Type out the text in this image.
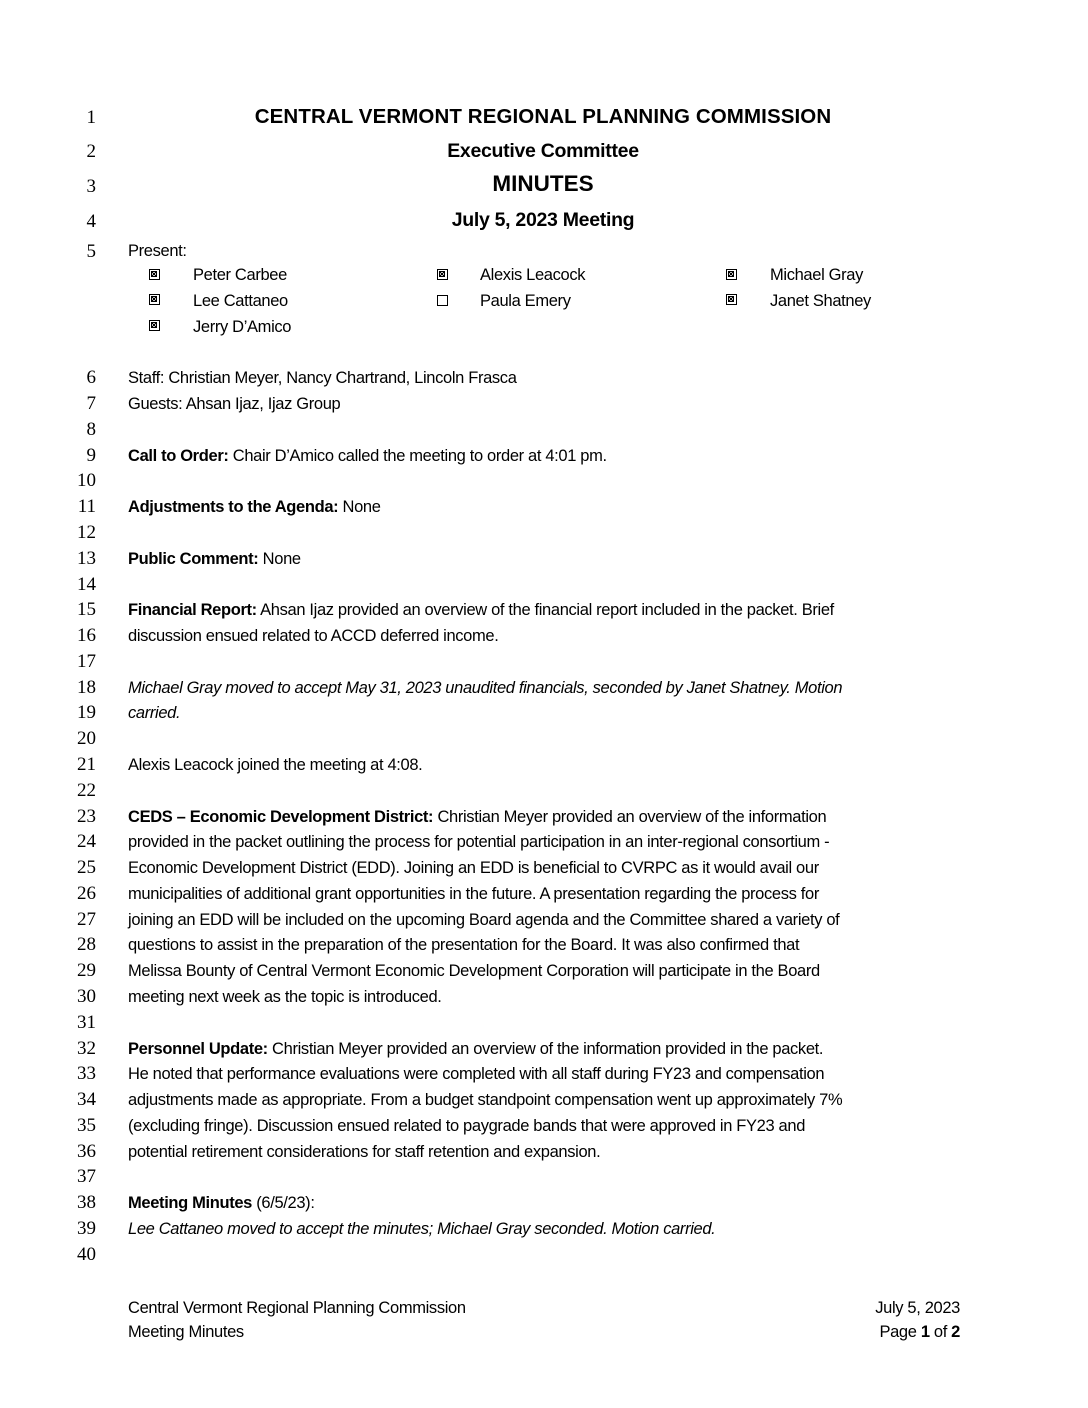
1
2
3
4
5
6
7
8
9
10
11
12
13
14
15
16
17
18
19
20
21
22
23
24
25
26
27
28
29
30
31
32
33
34
35
36
37
38
39
40
CENTRAL VERMONT REGIONAL PLANNING COMMISSION
Executive Committee
MINUTES
July 5, 2023 Meeting
Present:
Peter Carbee	Alexis Leacock	Michael Gray
Lee Cattaneo	Paula Emery	Janet Shatney
Jerry D’Amico
Staff: Christian Meyer, Nancy Chartrand, Lincoln Frasca
Guests: Ahsan Ijaz, Ijaz Group
Call to Order: Chair D’Amico called the meeting to order at 4:01 pm.
Adjustments to the Agenda: None
Public Comment: None
Financial Report: Ahsan Ijaz provided an overview of the financial report included in the packet. Brief
discussion ensued related to ACCD deferred income.
Michael Gray moved to accept May 31, 2023 unaudited financials, seconded by Janet Shatney. Motion
carried.
Alexis Leacock joined the meeting at 4:08.
CEDS – Economic Development District: Christian Meyer provided an overview of the information
provided in the packet outlining the process for potential participation in an inter-regional consortium -
Economic Development District (EDD). Joining an EDD is beneficial to CVRPC as it would avail our
municipalities of additional grant opportunities in the future. A presentation regarding the process for
joining an EDD will be included on the upcoming Board agenda and the Committee shared a variety of
questions to assist in the preparation of the presentation for the Board. It was also confirmed that
Melissa Bounty of Central Vermont Economic Development Corporation will participate in the Board
meeting next week as the topic is introduced.
Personnel Update: Christian Meyer provided an overview of the information provided in the packet.
He noted that performance evaluations were completed with all staff during FY23 and compensation
adjustments made as appropriate. From a budget standpoint compensation went up approximately 7%
(excluding fringe). Discussion ensued related to paygrade bands that were approved in FY23 and
potential retirement considerations for staff retention and expansion.
Meeting Minutes (6/5/23):
Lee Cattaneo moved to accept the minutes; Michael Gray seconded. Motion carried.
Central Vermont Regional Planning Commission
Meeting Minutes
July 5, 2023
Page 1 of 2
